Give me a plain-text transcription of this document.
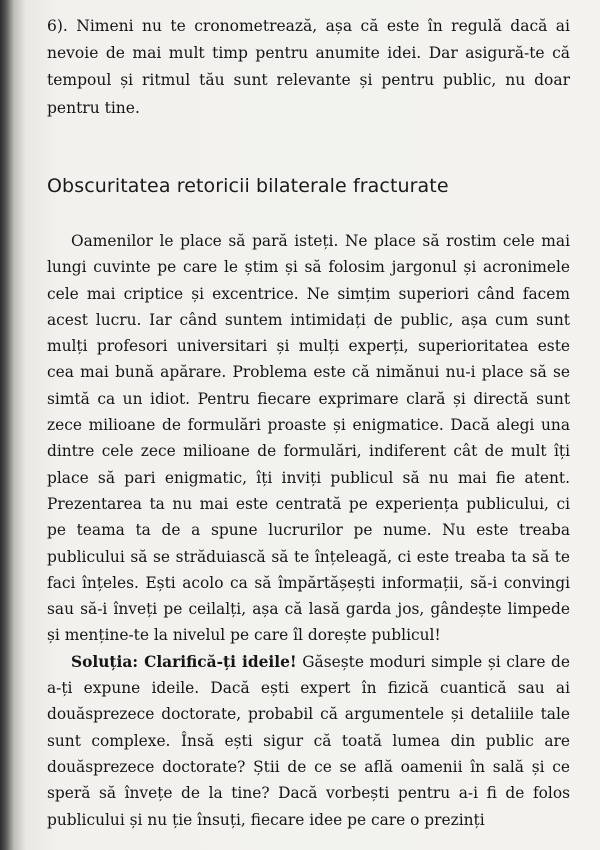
6). Nimeni nu te cronometrează, așa că este în regulă dacă ai nevoie de mai mult timp pentru anumite idei. Dar asigură-te că tempoul și ritmul tău sunt relevante și pentru public, nu doar pentru tine.

Obscuritatea retoricii bilaterale fracturate

Oamenilor le place să pară isteți. Ne place să rostim cele mai lungi cuvinte pe care le știm și să folosim jargonul și acronimele cele mai criptice și excentrice. Ne simțim superiori când facem acest lucru. Iar când suntem intimidați de public, așa cum sunt mulți profesori universitari și mulți experți, superioritatea este cea mai bună apărare. Problema este că nimănui nu-i place să se simtă ca un idiot. Pentru fiecare exprimare clară și directă sunt zece milioane de formulări proaste și enigmatice. Dacă alegi una dintre cele zece milioane de formulări, indiferent cât de mult îți place să pari enigmatic, îți inviți publicul să nu mai fie atent. Prezentarea ta nu mai este centrată pe experiența publicului, ci pe teama ta de a spune lucrurilor pe nume. Nu este treaba publicului să se străduiască să te înțeleagă, ci este treaba ta să te faci înțeles. Ești acolo ca să împărtășești informații, să-i convingi sau să-i înveți pe ceilalți, așa că lasă garda jos, gândește limpede și menține-te la nivelul pe care îl dorește publicul!

Soluția: Clarifică-ți ideile! Găsește moduri simple și clare de a-ți expune ideile. Dacă ești expert în fizică cuantică sau ai douăsprezece doctorate, probabil că argumentele și detaliile tale sunt complexe. Însă ești sigur că toată lumea din public are douăsprezece doctorate? Știi de ce se află oamenii în sală și ce speră să învețe de la tine? Dacă vorbești pentru a-i fi de folos publicului și nu ție însuți, fiecare idee pe care o prezinți
